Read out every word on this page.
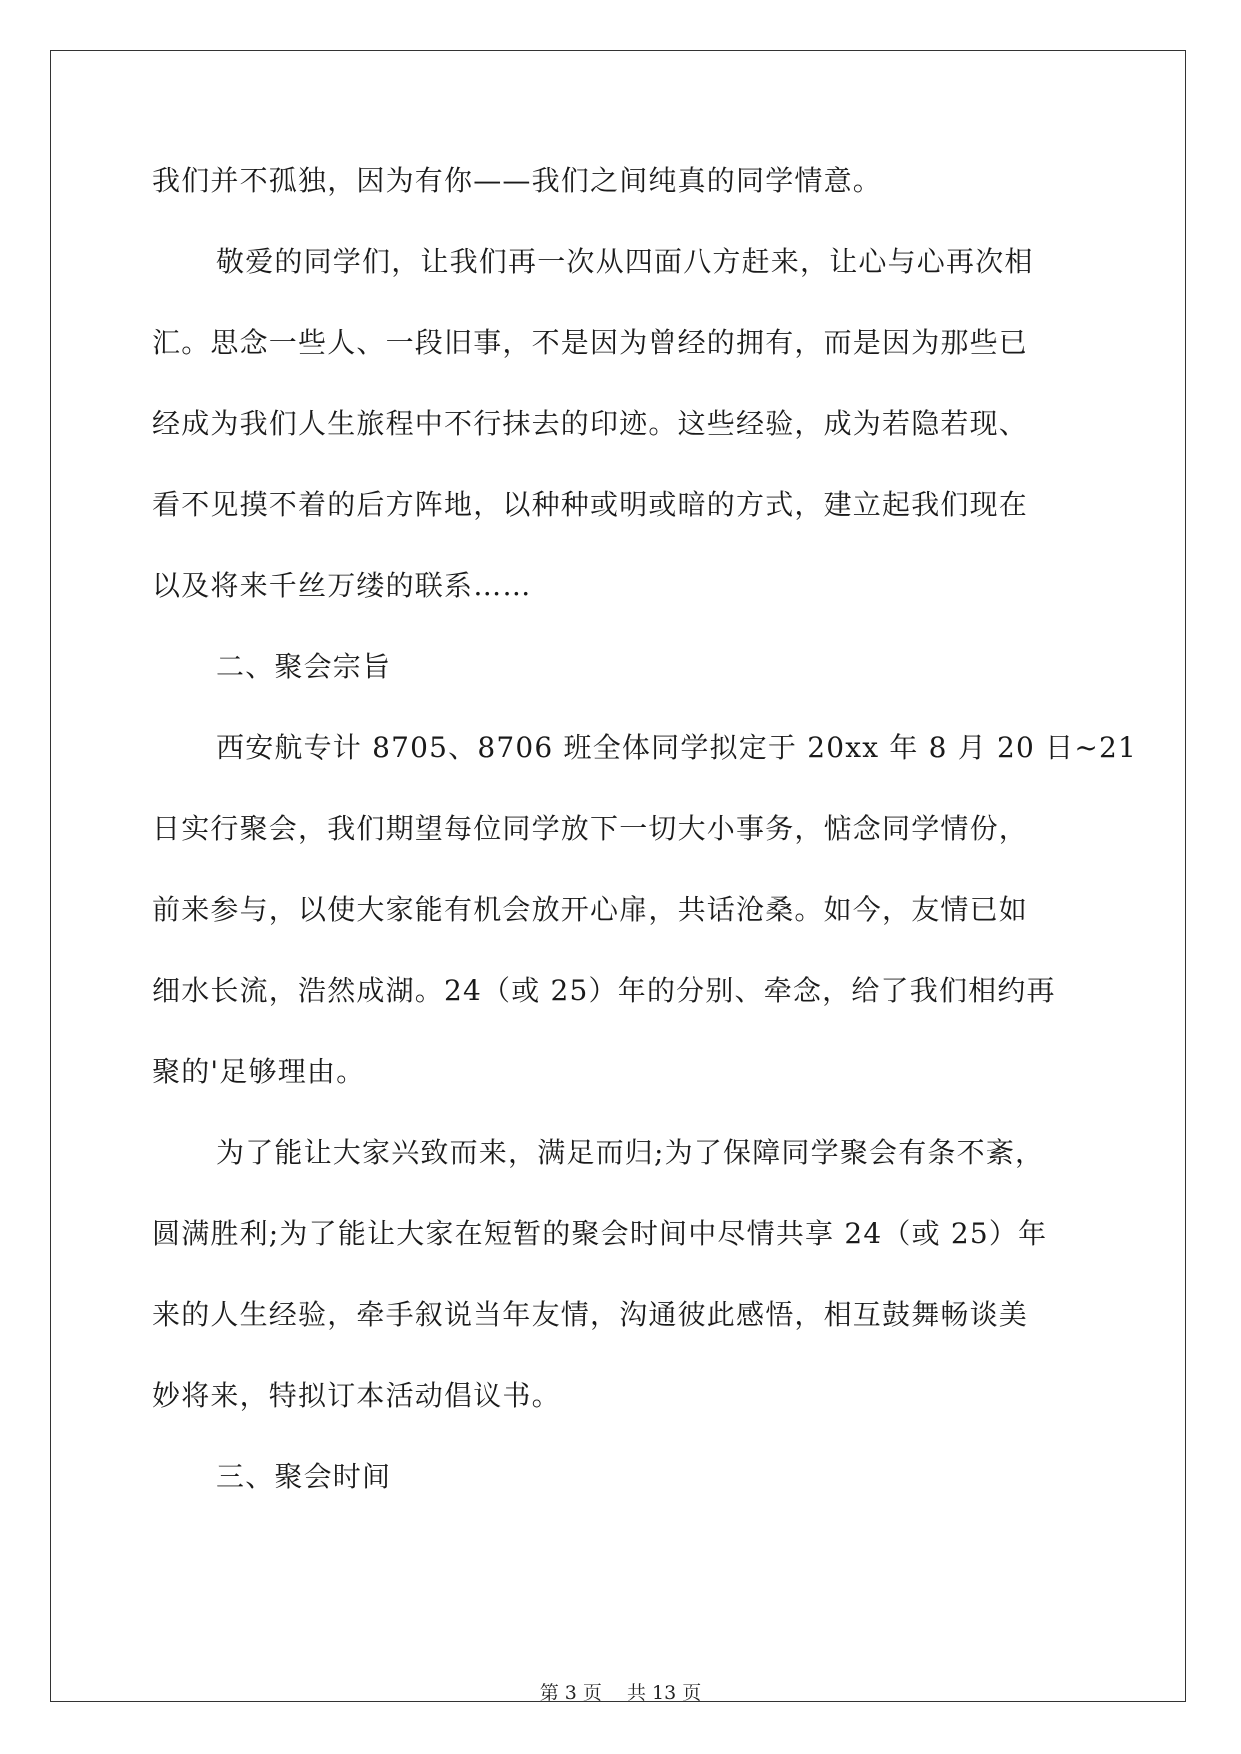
我们并不孤独，因为有你——我们之间纯真的同学情意。

敬爱的同学们，让我们再一次从四面八方赶来，让心与心再次相

汇。思念一些人、一段旧事，不是因为曾经的拥有，而是因为那些已

经成为我们人生旅程中不行抹去的印迹。这些经验，成为若隐若现、

看不见摸不着的后方阵地，以种种或明或暗的方式，建立起我们现在

以及将来千丝万缕的联系……

二、聚会宗旨

西安航专计 8705、8706 班全体同学拟定于 20xx 年 8 月 20 日~21

日实行聚会，我们期望每位同学放下一切大小事务，惦念同学情份，

前来参与，以使大家能有机会放开心扉，共话沧桑。如今，友情已如

细水长流，浩然成湖。24（或 25）年的分别、牵念，给了我们相约再

聚的'足够理由。

为了能让大家兴致而来，满足而归;为了保障同学聚会有条不紊，

圆满胜利;为了能让大家在短暂的聚会时间中尽情共享 24（或 25）年

来的人生经验，牵手叙说当年友情，沟通彼此感悟，相互鼓舞畅谈美

妙将来，特拟订本活动倡议书。

三、聚会时间

第 3 页　 共 13 页
